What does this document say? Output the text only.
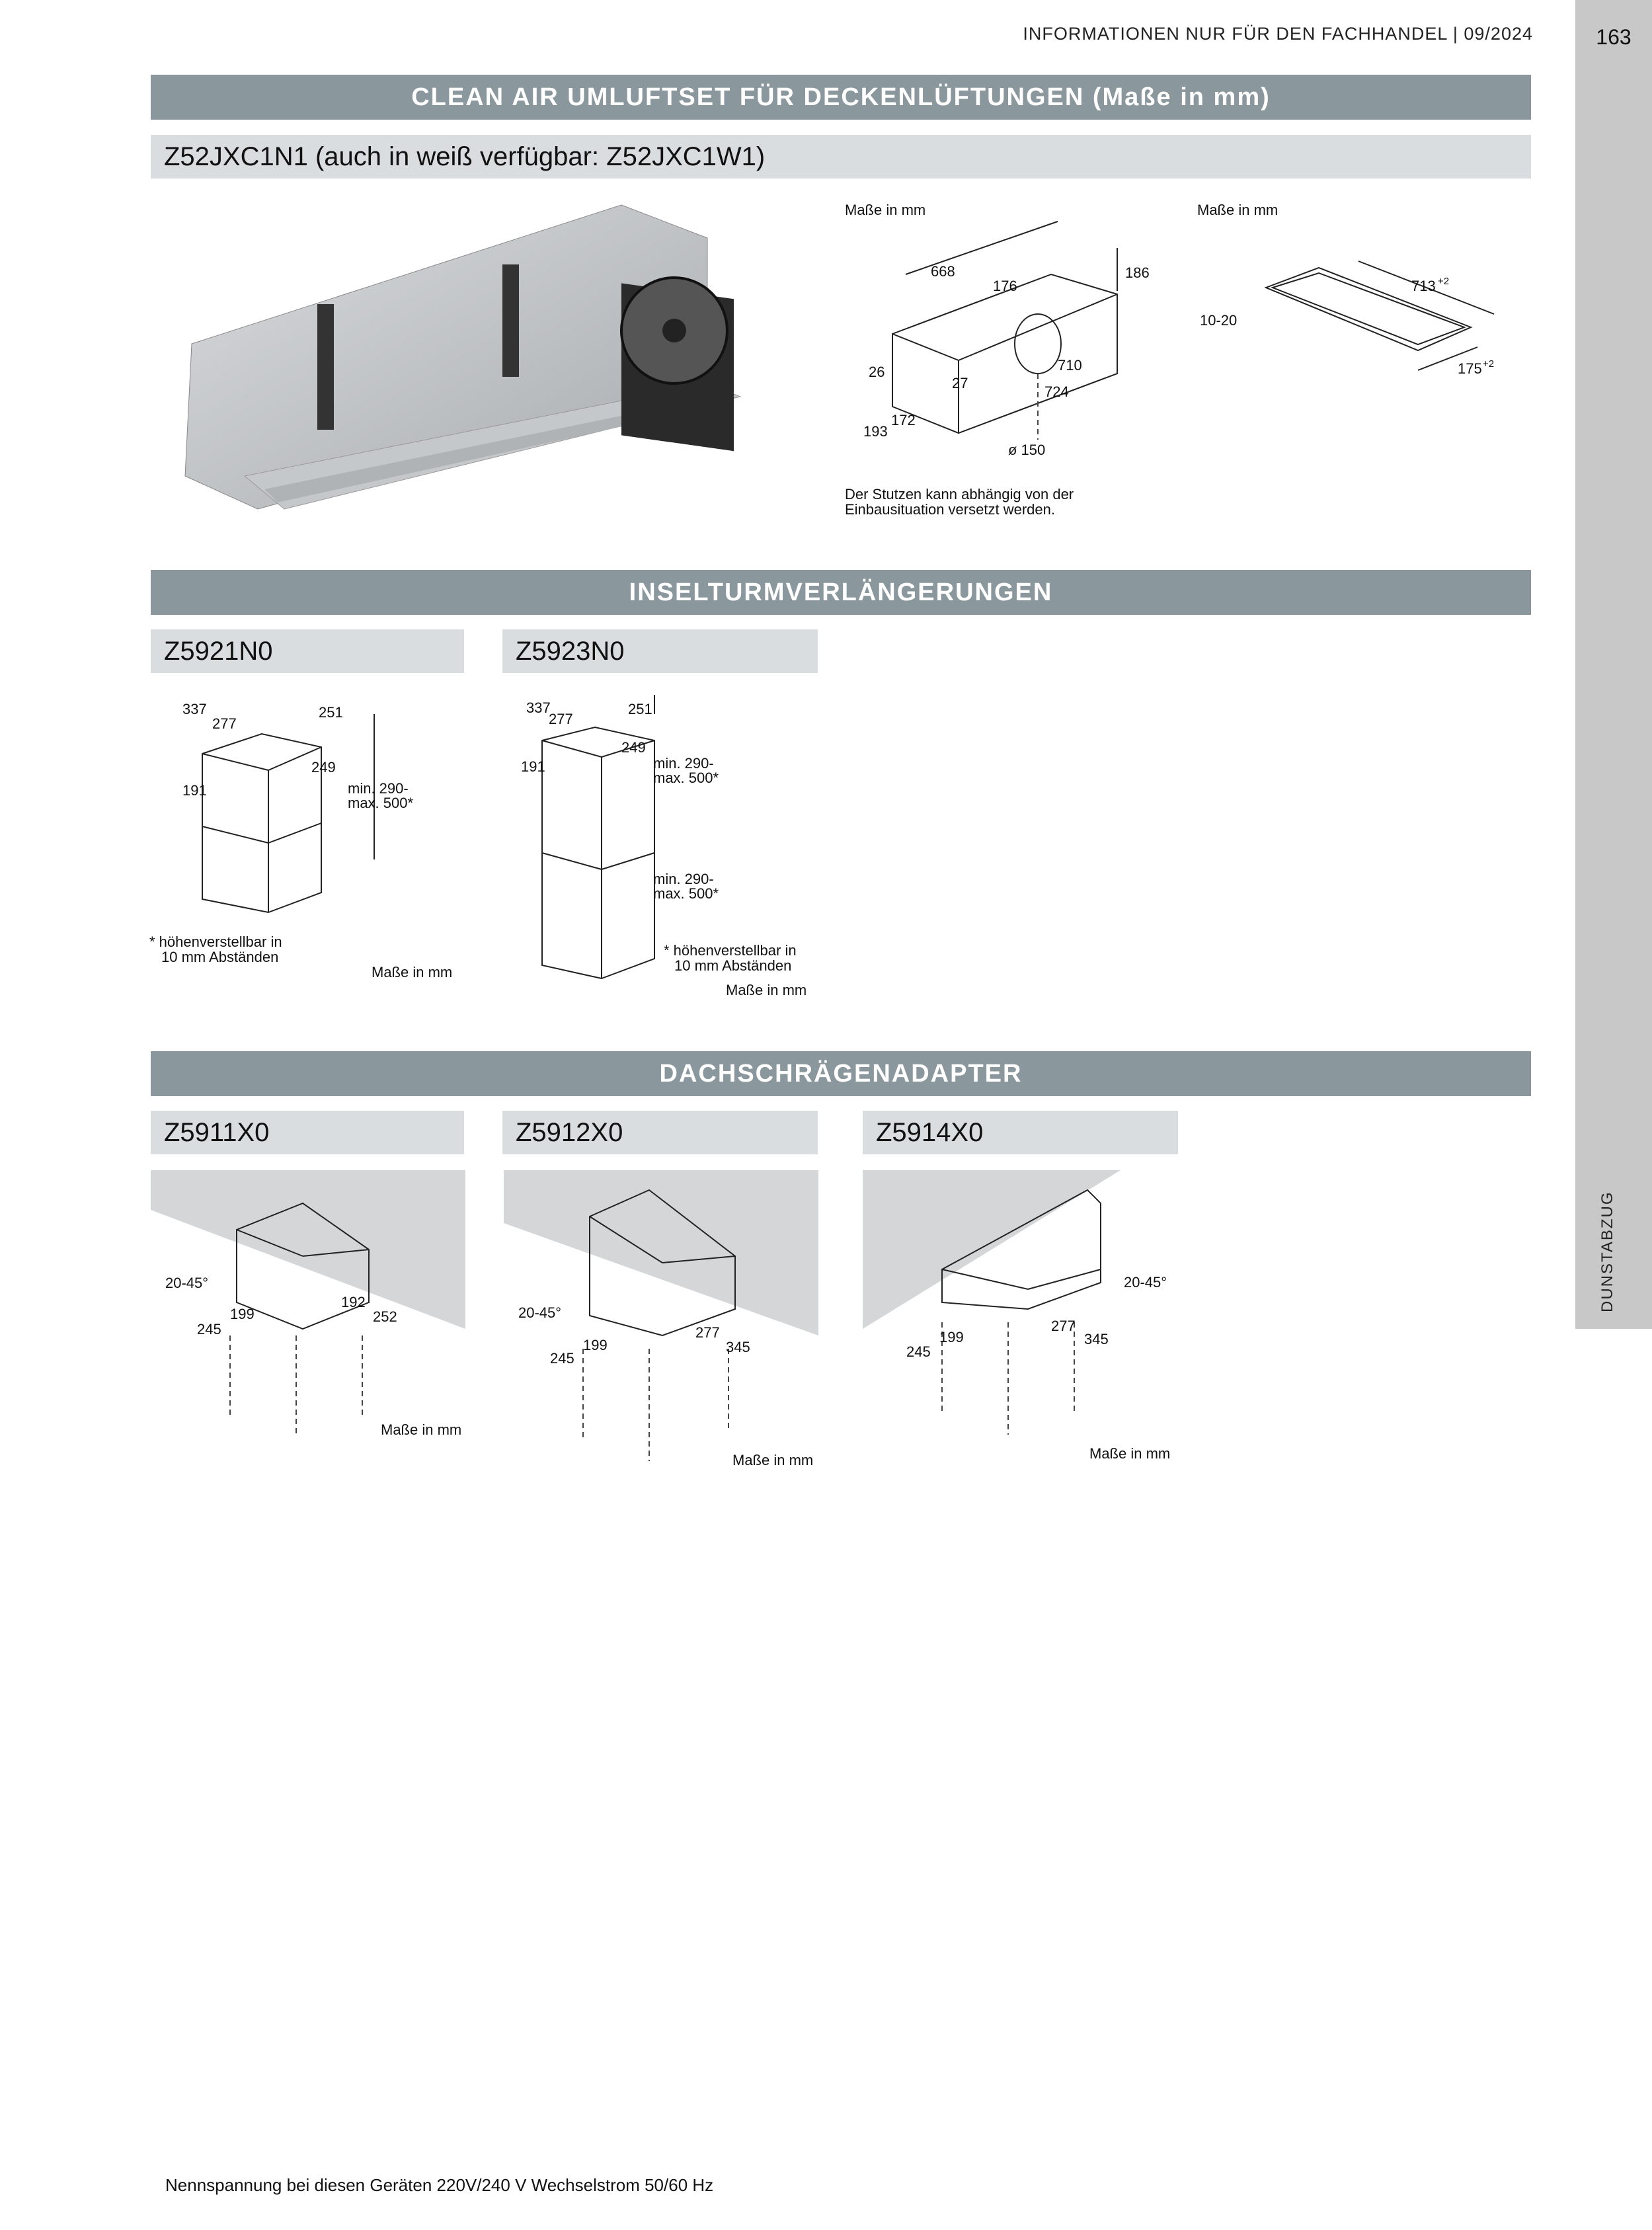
INFORMATIONEN NUR FÜR DEN FACHHANDEL | 09/2024	163
DUNSTABZUG
CLEAN AIR UMLUFTSET FÜR DECKENLÜFTUNGEN (Maße in mm)
Z52JXC1N1 (auch in weiß verfügbar: Z52JXC1W1)
Maße in mm
668
176
186
26
27
710
724
193
172
ø 150
Der Stutzen kann abhängig von der
Einbausituation versetzt werden.
Maße in mm
713 +2
10-20
175 +2
INSELTURMVERLÄNGERUNGEN
Z5921N0
337
277
251
249
191	min. 290-
max. 500*
* höhenverstellbar in
10 mm Abständen
Maße in mm
Z5923N0
337
277
251
249
191	min. 290-
max. 500*
min. 290-
max. 500*
* höhenverstellbar in
10 mm Abständen
Maße in mm
DACHSCHRÄGENADAPTER
Z5911X0
20-45°
199
192
245
252
Maße in mm
Z5912X0
20-45°
277
199	345
245
Maße in mm
Z5914X0
20-45°
199
277
245
345
Maße in mm
Nennspannung bei diesen Geräten 220V/240 V Wechselstrom 50/60 Hz
